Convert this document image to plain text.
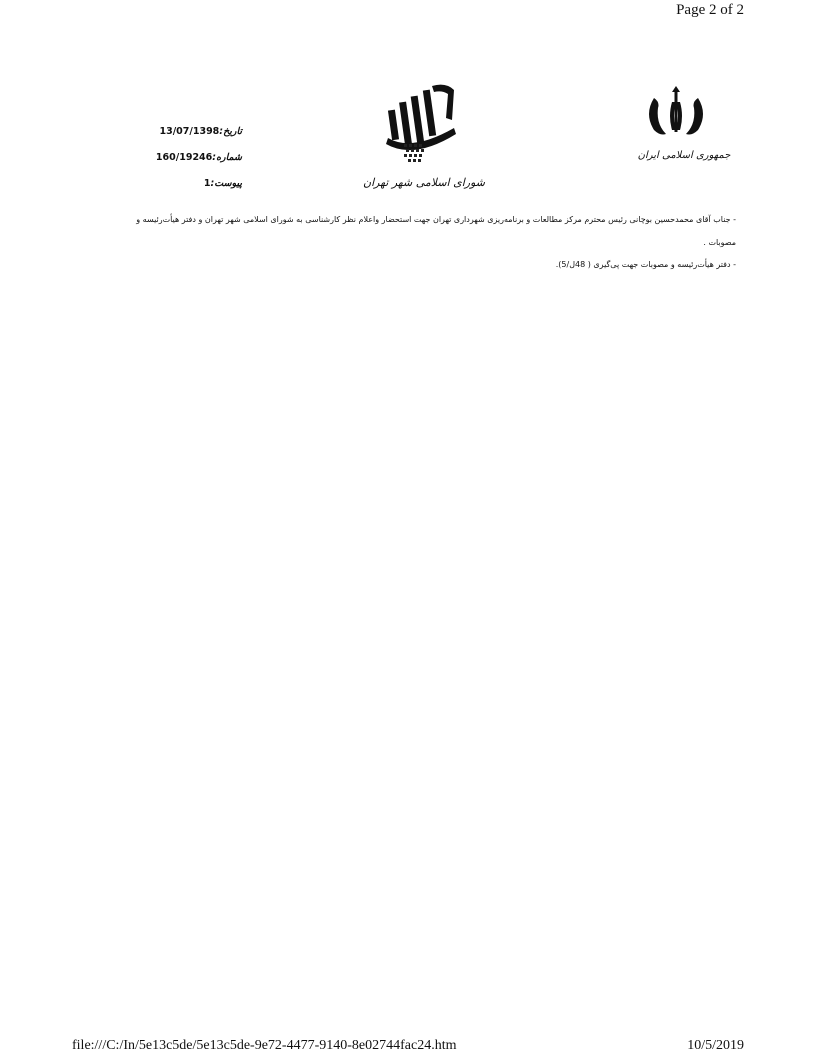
Page 2 of 2
تاریخ:13/07/1398
شماره:160/19246
پیوست:1	شورای اسلامی شهر تهران
جمهوری اسلامی ایران
- جناب آقای محمدحسین بوچانی رئیس محترم مرکز مطالعات و برنامه‌ریزی شهرداری تهران جهت استحضار واعلام نظر کارشناسی به شورای اسلامی شهر تهران و دفتر هیأت‌رئیسه و مصوبات .
- دفتر هیأت‌رئیسه و مصوبات جهت پی‌گیری ( 48ل/5).
file:///C:/In/5e13c5de/5e13c5de-9e72-4477-9140-8e02744fac24.htm	10/5/2019
